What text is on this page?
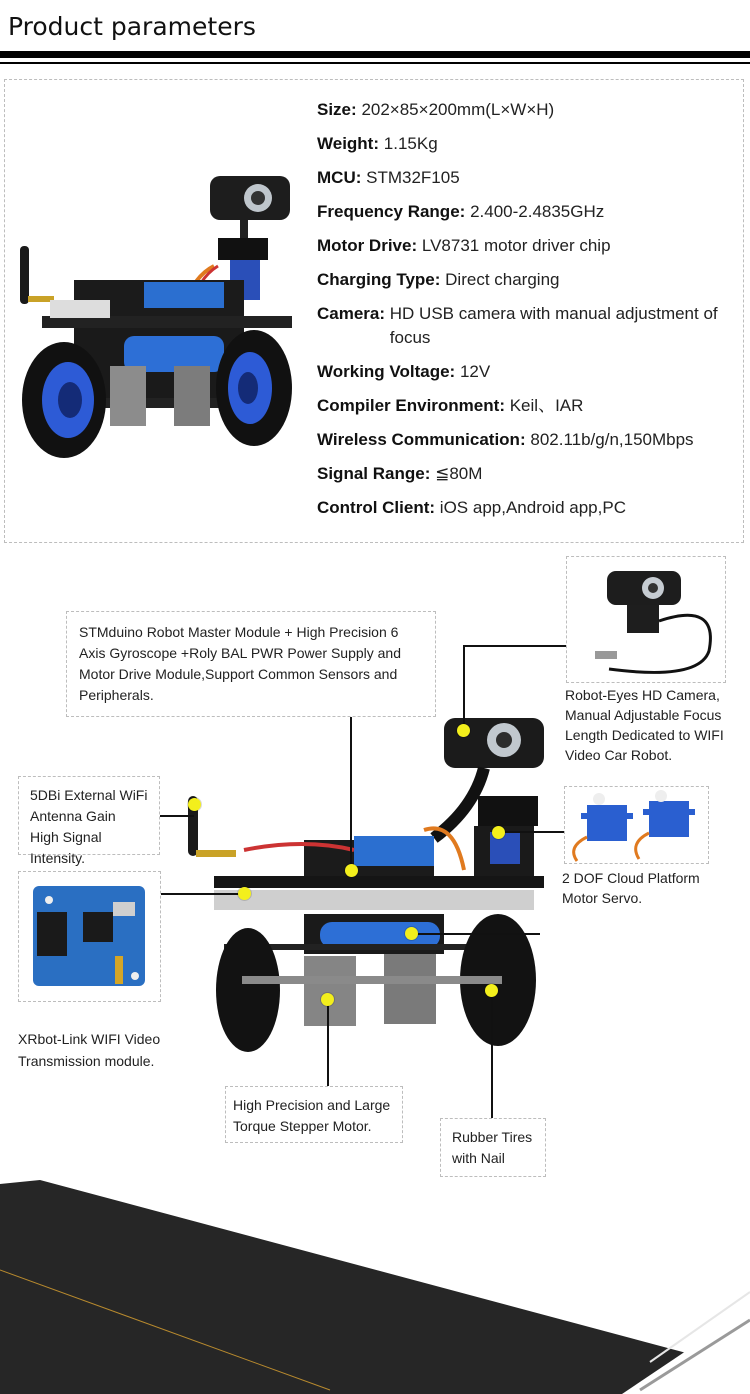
Product parameters
Size: 202×85×200mm(L×W×H)
Weight: 1.15Kg
MCU: STM32F105
Frequency Range: 2.400-2.4835GHz
Motor Drive: LV8731 motor driver chip
Charging Type: Direct charging
Camera: HD USB camera with manual adjustment of focus
Working Voltage: 12V
Compiler Environment: Keil、IAR
Wireless Communication: 802.11b/g/n,150Mbps
Signal Range: ≦80M
Control Client: iOS app,Android app,PC
STMduino Robot Master Module + High Precision 6 Axis Gyroscope +Roly BAL PWR Power Supply and Motor Drive Module,Support Common Sensors and Peripherals.	Robot-Eyes HD Camera, Manual Adjustable Focus Length Dedicated to WIFI Video Car Robot.
5DBi External WiFi Antenna Gain High Signal Intensity.
2 DOF Cloud Platform Motor Servo.
XRbot-Link WIFI Video Transmission module.
High Precision and Large Torque Stepper Motor.
Rubber Tires with Nail
